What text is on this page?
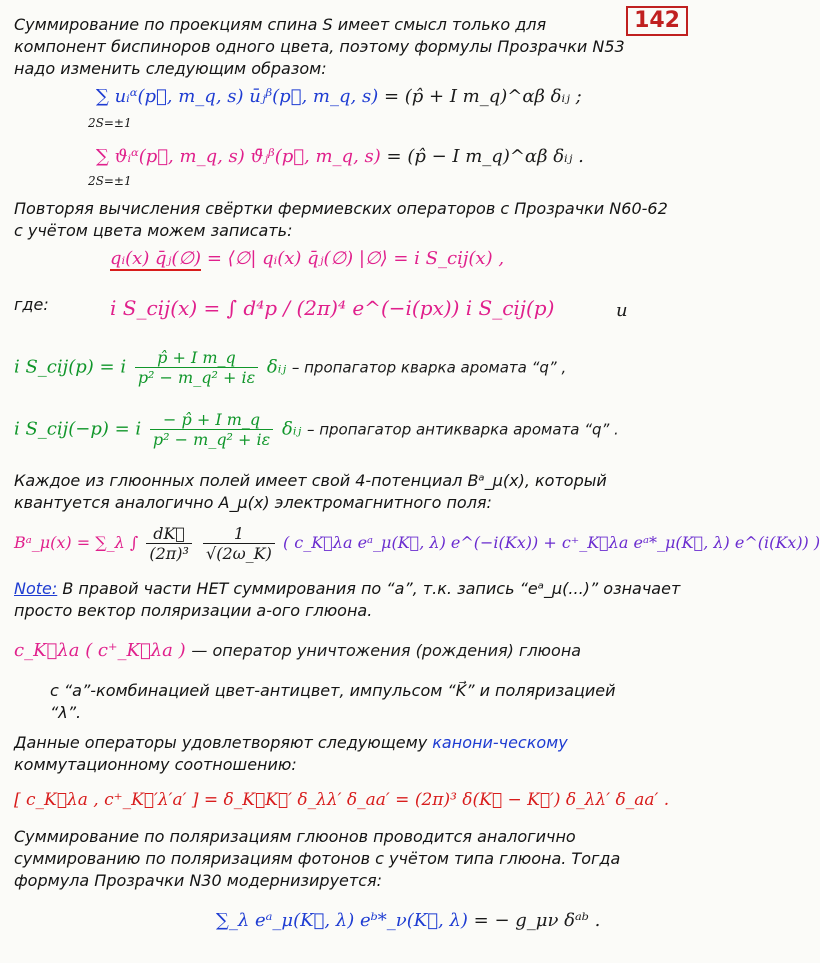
142
Суммирование по проекциям спина S имеет смысл только для компонент биспиноров одного цвета, поэтому формулы Прозрачки N53 надо изменить следующим образом:
∑ uᵢᵅ(p⃗, m_q, s) ūⱼᵝ(p⃗, m_q, s) = (p̂ + I m_q)^αβ δᵢⱼ ;
2S=±1
∑ ϑᵢᵅ(p⃗, m_q, s) ϑ̄ⱼᵝ(p⃗, m_q, s) = (p̂ − I m_q)^αβ δᵢⱼ .
2S=±1
Повторяя вычисления свёртки фермиевских операторов с Прозрачки N60-62 с учётом цвета можем записать:
qᵢ(x) q̄ⱼ(∅) = ⟨∅| qᵢ(x) q̄ⱼ(∅) |∅⟩ = i S_cij(x) ,
где:	i S_cij(x) = ∫ d⁴p / (2π)⁴ e^(−i(px)) i S_cij(p)	и
i S_cij(p) = i $\frac{\text{p̂ + I m\_q}}{\text{p² − m\_q² + iε}}$ δᵢⱼ – пропагатор кварка аромата “q” ,
i S_cij(−p) = i $\frac{\text{− p̂ + I m\_q}}{\text{p² − m\_q² + iε}}$ δᵢⱼ – пропагатор антикварка аромата “q” .
Каждое из глюонных полей имеет свой 4-потенциал Bᵃ_μ(x), который квантуется аналогично A_μ(x) электромагнитного поля:
Bᵃ_μ(x) = ∑_λ ∫ $\frac{dK⃗}{\text{(2π)³}}$
$\frac{1}{√(2\omega\_K)}$ ( c_K⃗λa eᵃ_μ(K⃗, λ) e^(−i(Kx)) + c⁺_K⃗λa eᵃ*_μ(K⃗, λ) e^(i(Kx)) )
Note: В правой части НЕТ суммирования по “a”, т.к. запись “eᵃ_μ(...)” означает просто вектор поляризации a-ого глюона.
c_K⃗λa ( c⁺_K⃗λa ) — оператор уничтожения (рождения) глюона
с “a”-комбинацией цвет-антицвет, импульсом “K⃗” и поляризацией “λ”.
Данные операторы удовлетворяют следующему канони-ческому коммутационному соотношению:
[ c_K⃗λa , c⁺_K⃗′λ′a′ ] = δ_K⃗K⃗′ δ_λλ′ δ_aa′ = (2π)³ δ(K⃗ − K⃗′) δ_λλ′ δ_aa′ .
Суммирование по поляризациям глюонов проводится аналогично суммированию по поляризациям фотонов с учётом типа глюона. Тогда формула Прозрачки N30 модернизируется:
∑_λ eᵃ_μ(K⃗, λ) eᵇ*_ν(K⃗, λ) = − g_μν δᵃᵇ .
